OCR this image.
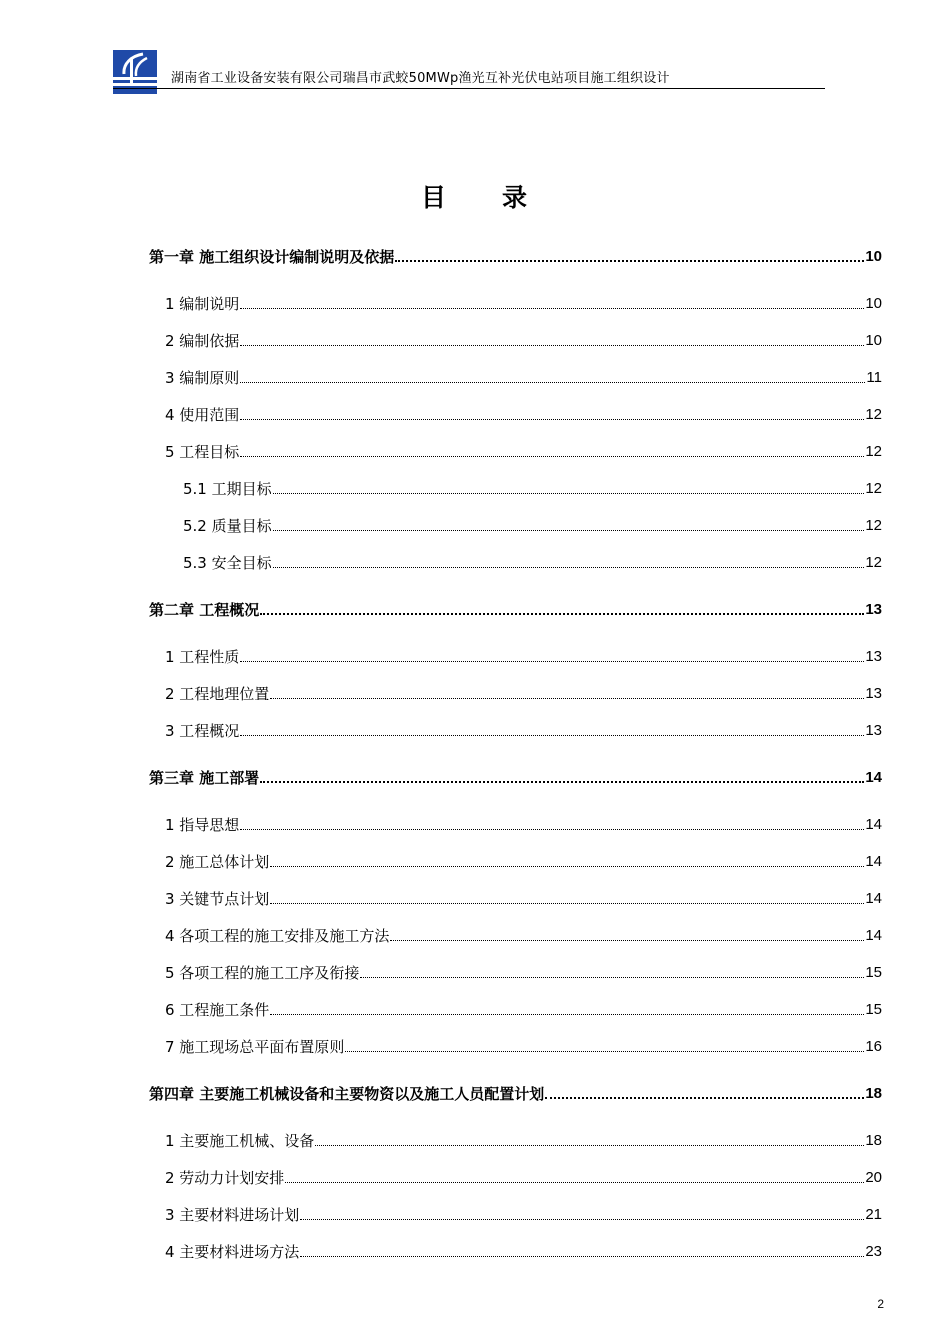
湖南省工业设备安装有限公司瑞昌市武蛟50MWp渔光互补光伏电站项目施工组织设计
目　　录
第一章 施工组织设计编制说明及依据	10
1 编制说明	10
2 编制依据	10
3 编制原则	11
4 使用范围	12
5 工程目标	12
5.1 工期目标	12
5.2 质量目标	12
5.3 安全目标	12
第二章 工程概况	13
1 工程性质	13
2 工程地理位置	13
3 工程概况	13
第三章 施工部署	14
1 指导思想	14
2 施工总体计划	14
3 关键节点计划	14
4 各项工程的施工安排及施工方法	14
5 各项工程的施工工序及衔接	15
6 工程施工条件	15
7 施工现场总平面布置原则	16
第四章 主要施工机械设备和主要物资以及施工人员配置计划	18
1 主要施工机械、设备	18
2 劳动力计划安排	20
3 主要材料进场计划	21
4 主要材料进场方法	23
2
